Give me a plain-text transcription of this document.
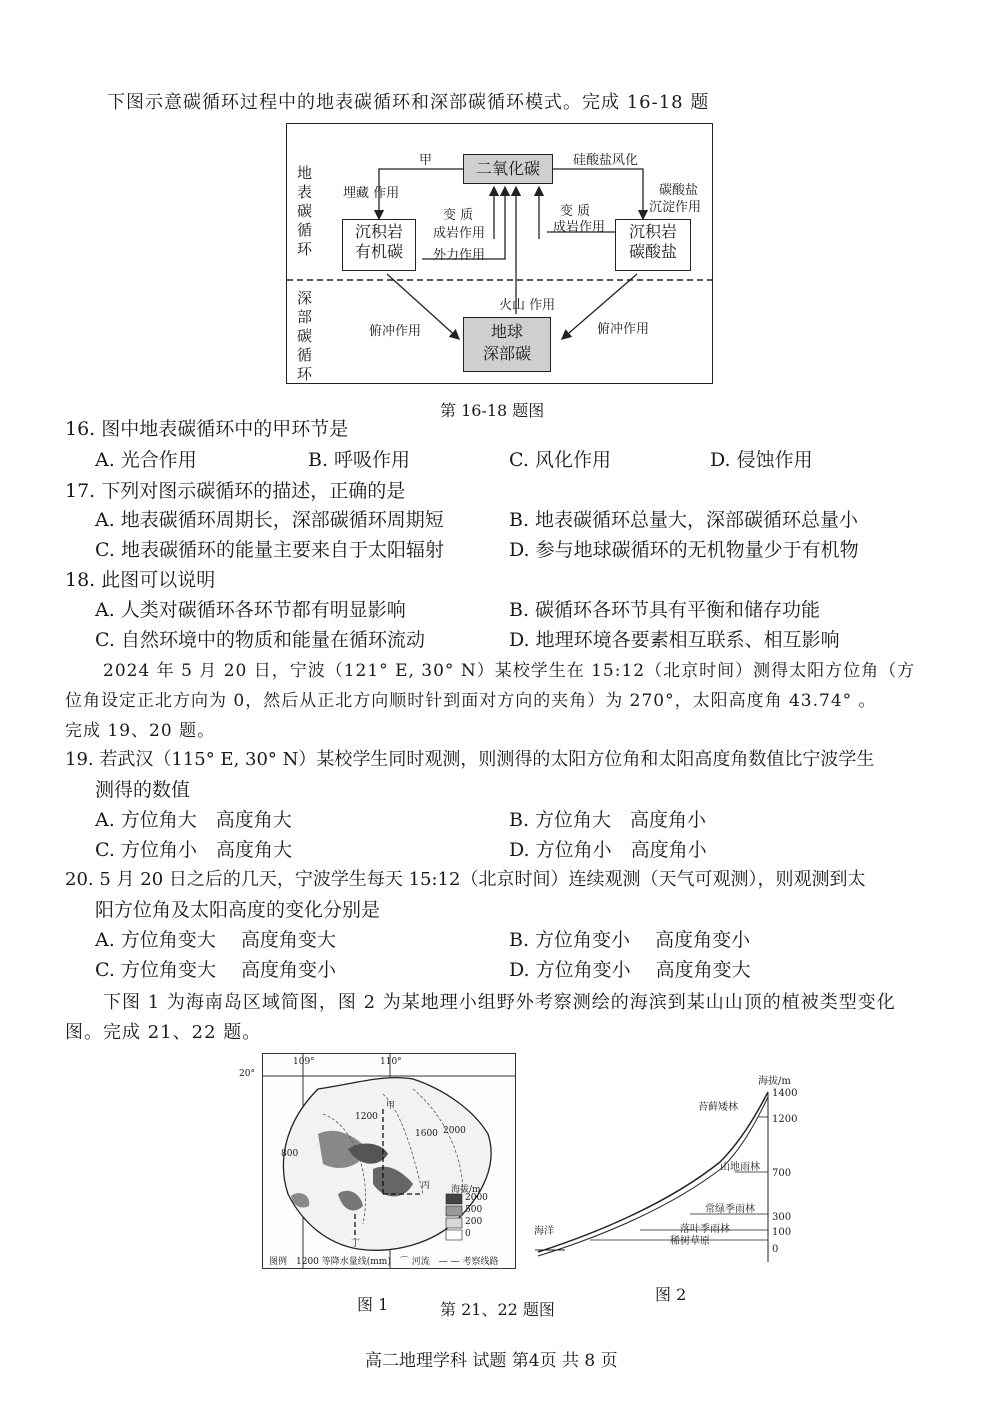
下图示意碳循环过程中的地表碳循环和深部碳循环模式。完成 16-18 题
地表碳循环
深部碳循环
二氧化碳
甲	硅酸盐风化
埋藏 作用	碳酸盐
沉淀作用
变 质
成岩作用
外力作用
变 质
成岩作用
沉积岩
有机碳
沉积岩
碳酸盐
火山 作用
俯冲作用	俯冲作用
地球
深部碳
第 16-18 题图
16. 图中地表碳循环中的甲环节是
A. 光合作用	B. 呼吸作用	C. 风化作用	D. 侵蚀作用
17. 下列对图示碳循环的描述，正确的是
A. 地表碳循环周期长，深部碳循环周期短	B. 地表碳循环总量大，深部碳循环总量小
C. 地表碳循环的能量主要来自于太阳辐射	D. 参与地球碳循环的无机物量少于有机物
18. 此图可以说明
A. 人类对碳循环各环节都有明显影响	B. 碳循环各环节具有平衡和储存功能
C. 自然环境中的物质和能量在循环流动	D. 地理环境各要素相互联系、相互影响
2024 年 5 月 20 日，宁波（121° E, 30° N）某校学生在 15:12（北京时间）测得太阳方位角（方
位角设定正北方向为 0，然后从正北方向顺时针到面对方向的夹角）为 270°，太阳高度角 43.74° 。
完成 19、20 题。
19. 若武汉（115° E, 30° N）某校学生同时观测，则测得的太阳方位角和太阳高度角数值比宁波学生
测得的数值
A. 方位角大　高度角大	B. 方位角大　高度角小
C. 方位角小　高度角大	D. 方位角小　高度角小
20. 5 月 20 日之后的几天，宁波学生每天 15:12（北京时间）连续观测（天气可观测），则观测到太
阳方位角及太阳高度的变化分别是
A. 方位角变大　 高度角变大	B. 方位角变小　 高度角变小
C. 方位角变大　 高度角变小	D. 方位角变小　 高度角变大
下图 1 为海南岛区域简图，图 2 为某地理小组野外考察测绘的海滨到某山山顶的植被类型变化
图。完成 21、22 题。
109°	110°
20°
800
1200
1600 2000
甲
丙
丁
海拔/m
2000
500
200
0
图例　1200 等降水量线(mm)　⌒ 河流　— — 考察线路
图 1	第 21、22 题图
海拔/m
1400
1200
700
300
100
0
苔藓矮林
山地雨林
常绿季雨林
落叶季雨林
稀树草原
海洋
图 2
高二地理学科 试题 第4页 共 8 页
